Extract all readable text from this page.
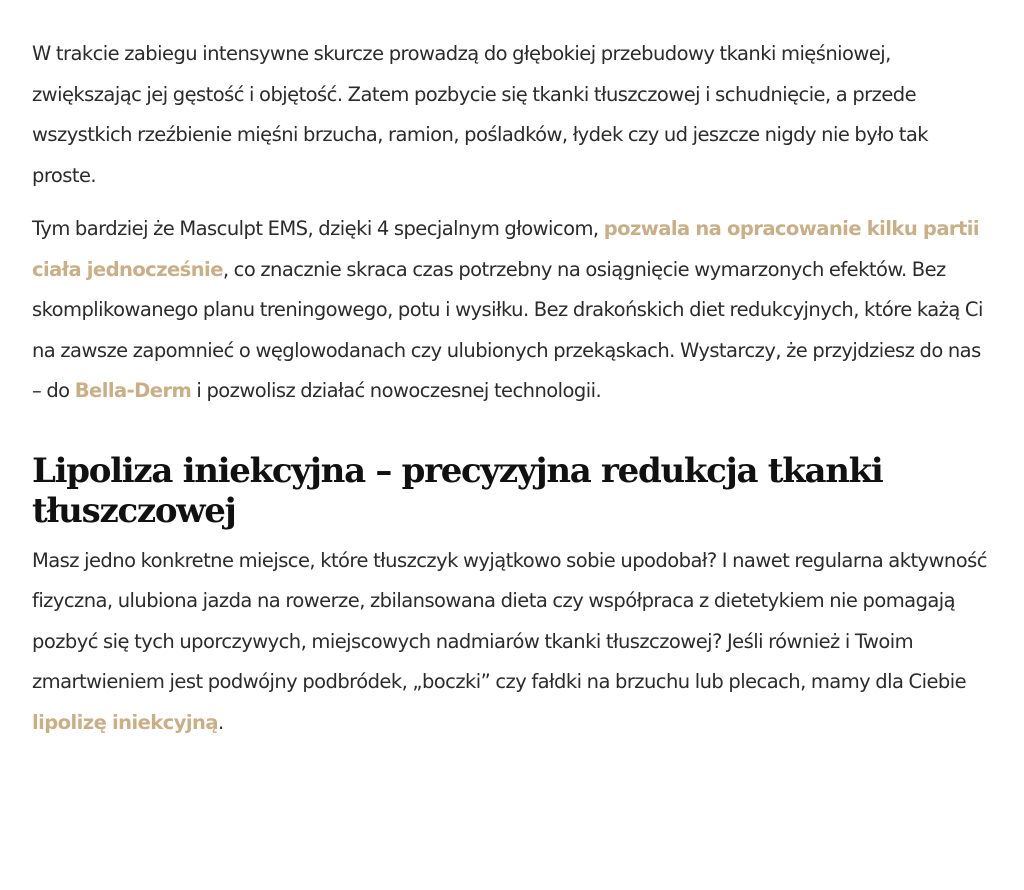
W trakcie zabiegu intensywne skurcze prowadzą do głębokiej przebudowy tkanki mięśniowej, zwiększając jej gęstość i objętość. Zatem pozbycie się tkanki tłuszczowej i schudnięcie, a przede wszystkich rzeźbienie mięśni brzucha, ramion, pośladków, łydek czy ud jeszcze nigdy nie było tak proste.

Tym bardziej że Masculpt EMS, dzięki 4 specjalnym głowicom, pozwala na opracowanie kilku partii ciała jednocześnie, co znacznie skraca czas potrzebny na osiągnięcie wymarzonych efektów. Bez skomplikowanego planu treningowego, potu i wysiłku. Bez drakońskich diet redukcyjnych, które każą Ci na zawsze zapomnieć o węglowodanach czy ulubionych przekąskach. Wystarczy, że przyjdziesz do nas – do Bella-Derm i pozwolisz działać nowoczesnej technologii.

Lipoliza iniekcyjna – precyzyjna redukcja tkanki tłuszczowej

Masz jedno konkretne miejsce, które tłuszczyk wyjątkowo sobie upodobał? I nawet regularna aktywność fizyczna, ulubiona jazda na rowerze, zbilansowana dieta czy współpraca z dietetykiem nie pomagają pozbyć się tych uporczywych, miejscowych nadmiarów tkanki tłuszczowej? Jeśli również i Twoim zmartwieniem jest podwójny podbródek, „boczki” czy fałdki na brzuchu lub plecach, mamy dla Ciebie lipolizę iniekcyjną.
